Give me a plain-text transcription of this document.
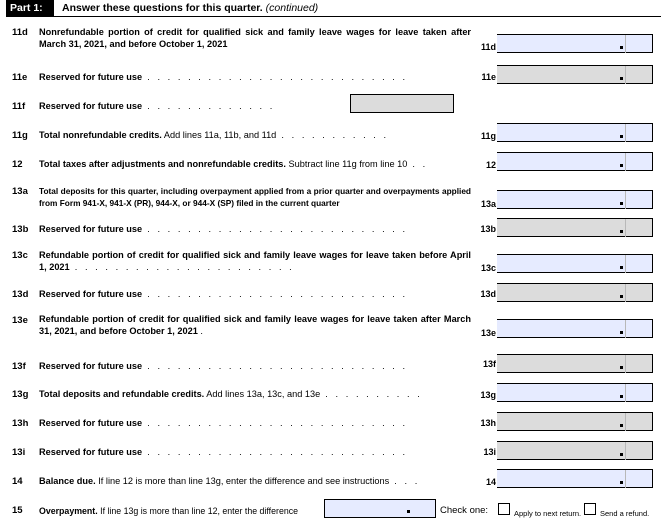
Part 1:	Answer these questions for this quarter. (continued)
11d Nonrefundable portion of credit for qualified sick and family leave wages for leave taken after March 31, 2021, and before October 1, 2021	11d
11e Reserved for future use  .   .   .   .   .   .   .   .   .   .   .   .   .   .   .   .   .   .   .   .   .   .   .   .   .   .	11e
11f Reserved for future use  .   .   .   .   .   .   .   .   .   .   .   .   .
11g Total nonrefundable credits. Add lines 11a, 11b, and 11d  .   .   .   .   .   .   .   .   .   .   .	11g
12 Total taxes after adjustments and nonrefundable credits. Subtract line 11g from line 10  .   .	12
13a Total deposits for this quarter, including overpayment applied from a prior quarter and overpayments applied from Form 941-X, 941-X (PR), 944-X, or 944-X (SP) filed in the current quarter	13a
13b Reserved for future use  .   .   .   .   .   .   .   .   .   .   .   .   .   .   .   .   .   .   .   .   .   .   .   .   .   .	13b
13c Refundable portion of credit for qualified sick and family leave wages for leave taken before April 1, 2021  .   .   .   .   .   .   .   .   .   .   .   .   .   .   .   .   .   .   .   .   .   .	13c
13d Reserved for future use  .   .   .   .   .   .   .   .   .   .   .   .   .   .   .   .   .   .   .   .   .   .   .   .   .   .	13d
13e Refundable portion of credit for qualified sick and family leave wages for leave taken after March 31, 2021, and before October 1, 2021 .	13e
13f Reserved for future use  .   .   .   .   .   .   .   .   .   .   .   .   .   .   .   .   .   .   .   .   .   .   .   .   .   .	13f
13g Total deposits and refundable credits. Add lines 13a, 13c, and 13e  .   .   .   .   .   .   .   .   .   .	13g
13h Reserved for future use  .   .   .   .   .   .   .   .   .   .   .   .   .   .   .   .   .   .   .   .   .   .   .   .   .   .	13h
13i Reserved for future use  .   .   .   .   .   .   .   .   .   .   .   .   .   .   .   .   .   .   .   .   .   .   .   .   .   .	13i
14 Balance due. If line 12 is more than line 13g, enter the difference and see instructions  .   .   .	14
15 Overpayment. If line 13g is more than line 12, enter the difference	Check one:	Apply to next return.	Send a refund.
